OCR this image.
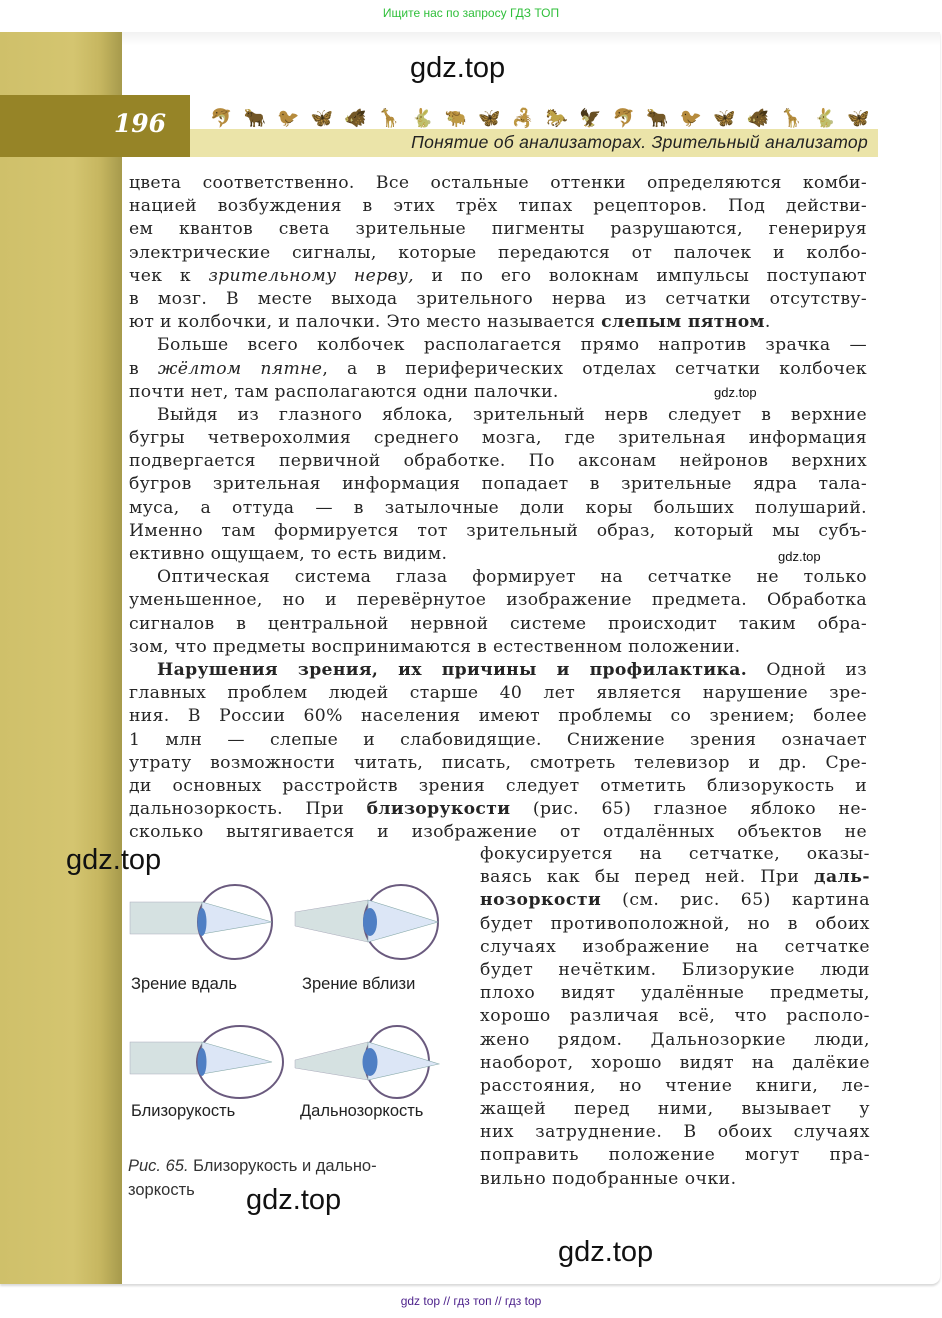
Ищите нас по запросу ГДЗ ТОП
196 🐬 🐂 🐦 🦋 🐗 🦒 🐇 🐃 🦋 🦂 🐎 🦅 🐬 🐂 🐦 🦋 🐗 🦒 🐇 🦋
Понятие об анализаторах. Зрительный анализатор
gdz.top
цвета соответственно. Все остальные оттенки определяются комби-
нацией возбуждения в этих трёх типах рецепторов. Под действи-
ем квантов света зрительные пигменты разрушаются, генерируя
электрические сигналы, которые передаются от палочек и колбо-
чек к зрительному нерву, и по его волокнам импульсы поступают
в мозг. В месте выхода зрительного нерва из сетчатки отсутству-
ют и колбочки, и палочки. Это место называется слепым пятном.
Больше всего колбочек располагается прямо напротив зрачка —
в жёлтом пятне, а в периферических отделах сетчатки колбочек
почти нет, там располагаются одни палочки.
Выйдя из глазного яблока, зрительный нерв следует в верхние
бугры четверохолмия среднего мозга, где зрительная информация
подвергается первичной обработке. По аксонам нейронов верхних
бугров зрительная информация попадает в зрительные ядра тала-
муса, а оттуда — в затылочные доли коры больших полушарий.
Именно там формируется тот зрительный образ, который мы субъ-
ективно ощущаем, то есть видим.
Оптическая система глаза формирует на сетчатке не только
уменьшенное, но и перевёрнутое изображение предмета. Обработка
сигналов в центральной нервной системе происходит таким обра-
зом, что предметы воспринимаются в естественном положении.
Нарушения зрения, их причины и профилактика. Одной из
главных проблем людей старше 40 лет является нарушение зре-
ния. В России 60% населения имеют проблемы со зрением; более
1 млн — слепые и слабовидящие. Снижение зрения означает
утрату возможности читать, писать, смотреть телевизор и др. Сре-
ди основных расстройств зрения следует отметить близорукость и
дальнозоркость. При близорукости (рис. 65) глазное яблоко не-
сколько вытягивается и изображение от отдалённых объектов не
gdz.top
gdz.top
gdz.top
Зрение вдаль	Зрение вблизи
Близорукость	Дальнозоркость
Рис. 65. Близорукость и дально-зоркость	gdz.top
фокусируется на сетчатке, оказы-
ваясь как бы перед ней. При даль-
нозоркости (см. рис. 65) картина
будет противоположной, но в обоих
случаях изображение на сетчатке
будет нечётким. Близорукие люди
плохо видят удалённые предметы,
хорошо различая всё, что располо-
жено рядом. Дальнозоркие люди,
наоборот, хорошо видят на далёкие
расстояния, но чтение книги, ле-
жащей перед ними, вызывает у
них затруднение. В обоих случаях
поправить положение могут пра-
вильно подобранные очки.
gdz.top
gdz top // гдз топ // гдз top
